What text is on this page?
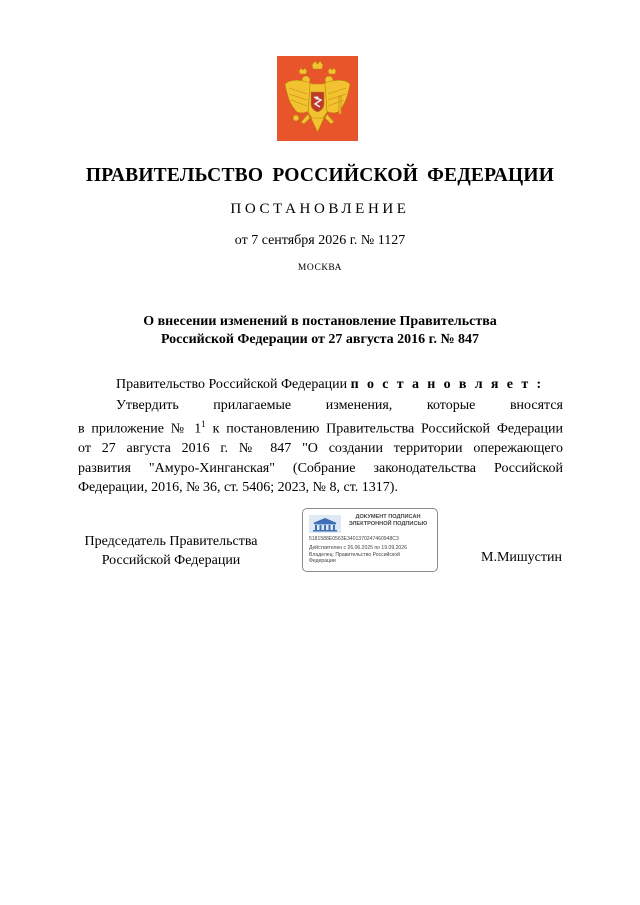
ПРАВИТЕЛЬСТВО РОССИЙСКОЙ ФЕДЕРАЦИИ
ПОСТАНОВЛЕНИЕ
от 7 сентября 2026 г. № 1127
МОСКВА
О внесении изменений в постановление Правительства
Российской Федерации от 27 августа 2016 г. № 847
Правительство Российской Федерации п о с т а н о в л я е т :
Утвердить прилагаемые изменения, которые вносятся
в приложение № $1^1$ к постановлению Правительства Российской Федерации
от 27 августа 2016 г. № 847 "О создании территории опережающего
развития "Амуро-Хинганская" (Собрание законодательства Российской
Федерации, 2016, № 36, ст. 5406; 2023, № 8, ст. 1317).
Председатель Правительства
Российской Федерации
ДОКУМЕНТ ПОДПИСАН
ЭЛЕКТРОННОЙ ПОДПИСЬЮ
5181588E0563E3401370247460948C3
Действителен с 26.06.2025 по 19.09.2026
Владелец: Правительство Российской
Федерации	М.Мишустин
